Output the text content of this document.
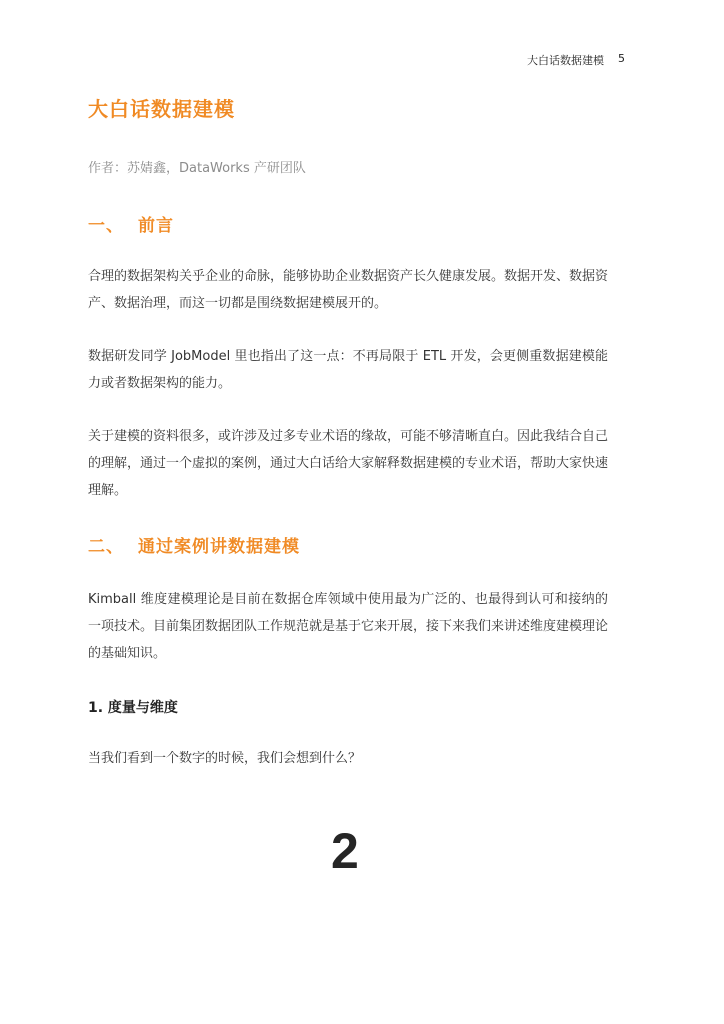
大白话数据建模 5
大白话数据建模
作者：苏婧鑫，DataWorks 产研团队
一、 前言

合理的数据架构关乎企业的命脉，能够协助企业数据资产长久健康发展。数据开发、数据资产、数据治理，而这一切都是围绕数据建模展开的。

数据研发同学 JobModel 里也指出了这一点：不再局限于 ETL 开发，会更侧重数据建模能力或者数据架构的能力。

关于建模的资料很多，或许涉及过多专业术语的缘故，可能不够清晰直白。因此我结合自己的理解，通过一个虚拟的案例，通过大白话给大家解释数据建模的专业术语，帮助大家快速理解。

二、 通过案例讲数据建模

Kimball 维度建模理论是目前在数据仓库领域中使用最为广泛的、也最得到认可和接纳的一项技术。目前集团数据团队工作规范就是基于它来开展，接下来我们来讲述维度建模理论的基础知识。

1. 度量与维度

当我们看到一个数字的时候，我们会想到什么？

2
